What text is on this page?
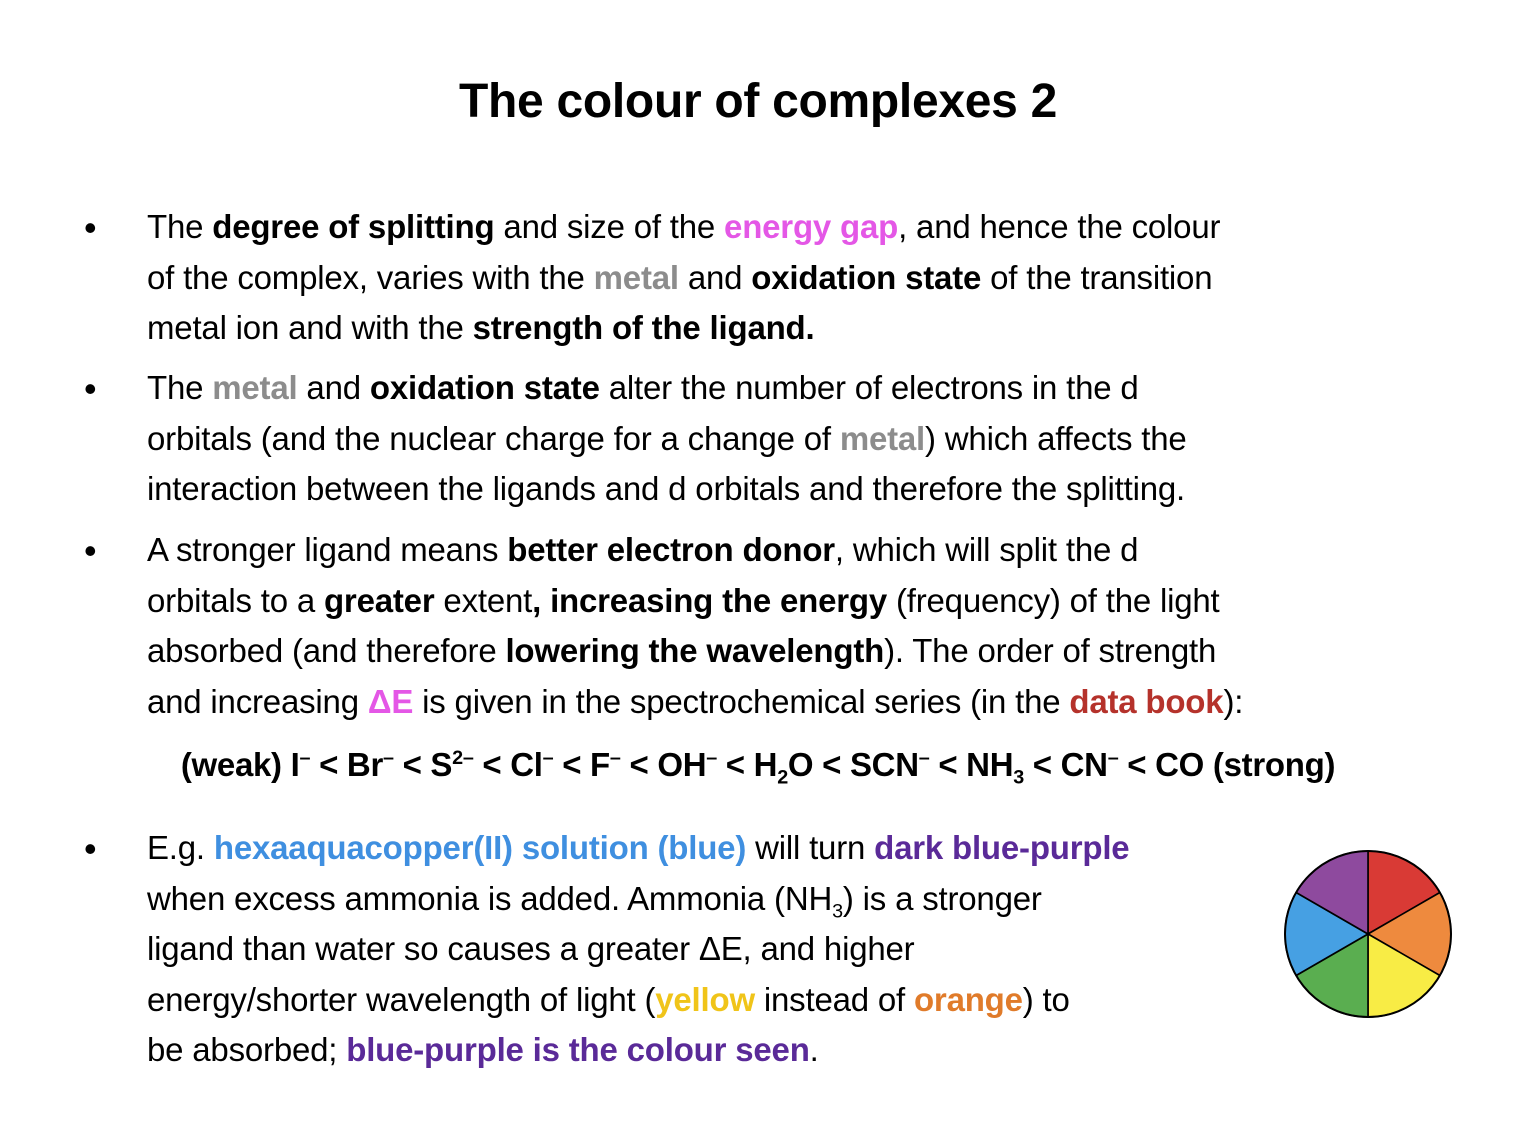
The colour of complexes 2
• The degree of splitting and size of the energy gap, and hence the colour
of the complex, varies with the metal and oxidation state of the transition
metal ion and with the strength of the ligand.
• The metal and oxidation state alter the number of electrons in the d
orbitals (and the nuclear charge for a change of metal) which affects the
interaction between the ligands and d orbitals and therefore the splitting.
• A stronger ligand means better electron donor, which will split the d
orbitals to a greater extent, increasing the energy (frequency) of the light
absorbed (and therefore lowering the wavelength). The order of strength
and increasing ΔE is given in the spectrochemical series (in the data book):
(weak) $I^- < Br^- < S^{2-} < Cl^- < F^- < OH^- < H_2O < SCN^- < NH_3 < CN^-$ < CO (strong)
• E.g. hexaaquacopper(II) solution (blue) will turn dark blue-purple
when excess ammonia is added. Ammonia $(NH_3)$ is a stronger
ligand than water so causes a greater ΔE, and higher
energy/shorter wavelength of light (yellow instead of orange) to
be absorbed; blue-purple is the colour seen.
